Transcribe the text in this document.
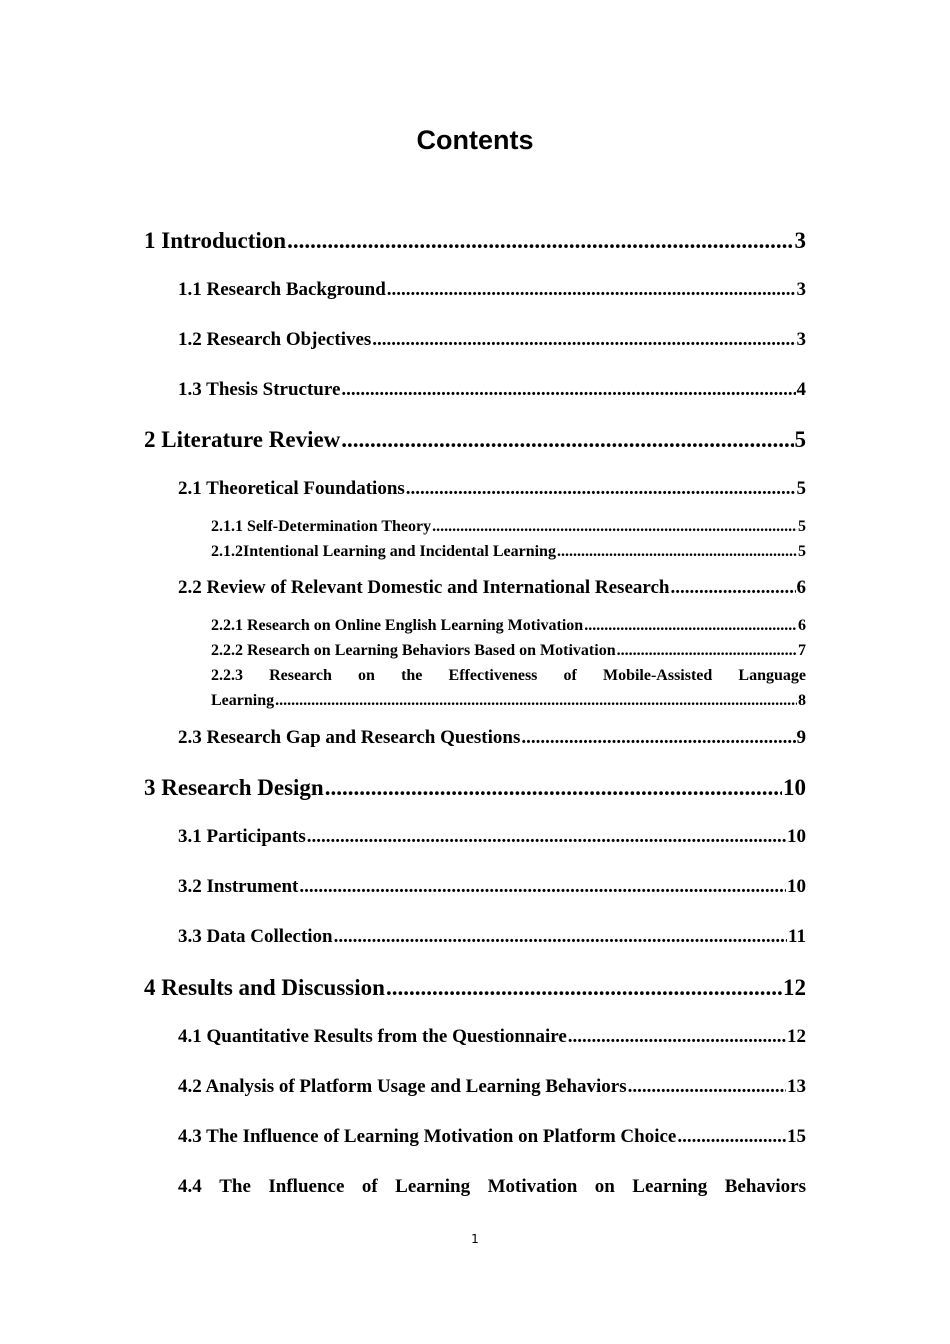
Contents
1 Introduction .....	3
1.1 Research Background .....	3
1.2 Research Objectives .....	3
1.3 Thesis Structure .....	4
2 Literature Review .....	5
2.1 Theoretical Foundations .....	5
2.1.1 Self-Determination Theory .....	5
2.1.2Intentional Learning and Incidental Learning .....	5
2.2 Review of Relevant Domestic and International Research .....	6
2.2.1 Research on Online English Learning Motivation .....	6
2.2.2 Research on Learning Behaviors Based on Motivation .....	7
2.2.3 Research on the Effectiveness of Mobile-Assisted Language
Learning .....	8
2.3 Research Gap and Research Questions .....	9
3 Research Design .....	10
3.1 Participants .....	10
3.2 Instrument .....	10
3.3 Data Collection .....	11
4 Results and Discussion .....	12
4.1 Quantitative Results from the Questionnaire .....	12
4.2 Analysis of Platform Usage and Learning Behaviors .....	13
4.3 The Influence of Learning Motivation on Platform Choice .....	15
4.4 The Influence of Learning Motivation on Learning Behaviors
1
